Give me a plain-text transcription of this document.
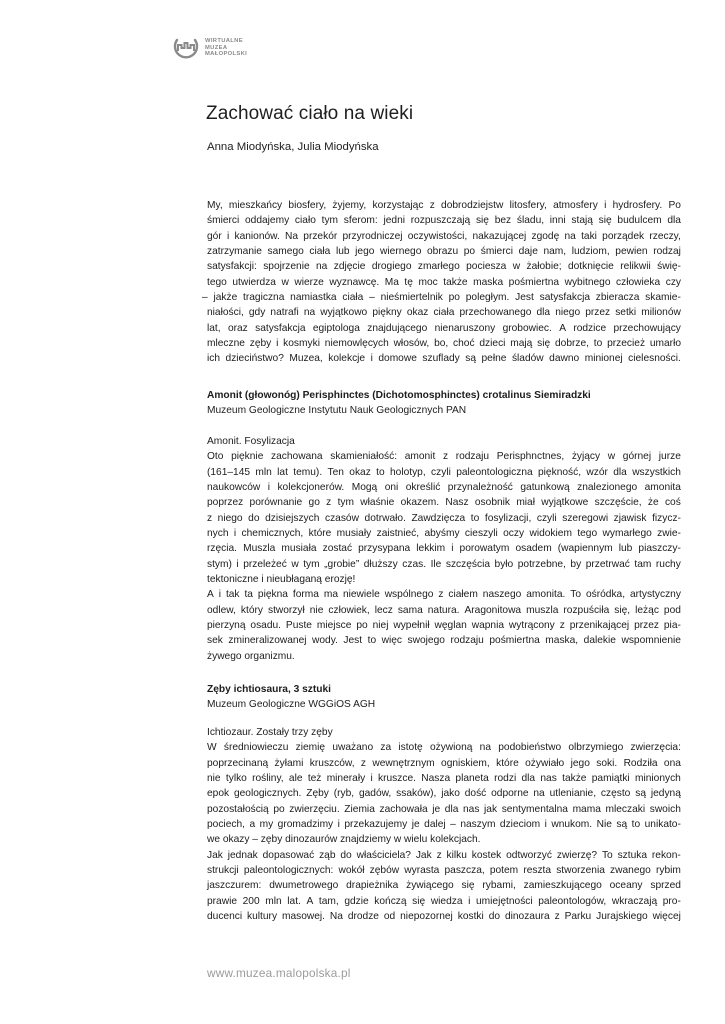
WIRTUALNE
MUZEA
MAŁOPOLSKI
Zachować ciało na wieki

Anna Miodyńska, Julia Miodyńska

My, mieszkańcy biosfery, żyjemy, korzystając z dobrodziejstw litosfery, atmosfery i hydrosfery. Po
śmierci oddajemy ciało tym sferom: jedni rozpuszczają się bez śladu, inni stają się budulcem dla
gór i kanionów. Na przekór przyrodniczej oczywistości, nakazującej zgodę na taki porządek rzeczy,
zatrzymanie samego ciała lub jego wiernego obrazu po śmierci daje nam, ludziom, pewien rodzaj
satysfakcji: spojrzenie na zdjęcie drogiego zmarłego pociesza w żałobie; dotknięcie relikwii świę-
tego utwierdza w wierze wyznawcę. Ma tę moc także maska pośmiertna wybitnego człowieka czy
– jakże tragiczna namiastka ciała – nieśmiertelnik po poległym. Jest satysfakcja zbieracza skamie-
niałości, gdy natrafi na wyjątkowo piękny okaz ciała przechowanego dla niego przez setki milionów
lat, oraz satysfakcja egiptologa znajdującego nienaruszony grobowiec. A rodzice przechowujący
mleczne zęby i kosmyki niemowlęcych włosów, bo, choć dzieci mają się dobrze, to przecież umarło
ich dzieciństwo? Muzea, kolekcje i domowe szuflady są pełne śladów dawno minionej cielesności.
Amonit (głowonóg) Perisphinctes (Dichotomosphinctes) crotalinus Siemiradzki
Muzeum Geologiczne Instytutu Nauk Geologicznych PAN
Amonit. Fosylizacja
Oto pięknie zachowana skamieniałość: amonit z rodzaju Perisphnctnes, żyjący w górnej jurze
(161–145 mln lat temu). Ten okaz to holotyp, czyli paleontologiczna piękność, wzór dla wszystkich
naukowców i kolekcjonerów. Mogą oni określić przynależność gatunkową znalezionego amonita
poprzez porównanie go z tym właśnie okazem. Nasz osobnik miał wyjątkowe szczęście, że coś
z niego do dzisiejszych czasów dotrwało. Zawdzięcza to fosylizacji, czyli szeregowi zjawisk fizycz-
nych i chemicznych, które musiały zaistnieć, abyśmy cieszyli oczy widokiem tego wymarłego zwie-
rzęcia. Muszla musiała zostać przysypana lekkim i porowatym osadem (wapiennym lub piaszczy-
stym) i przeleżeć w tym „grobie” dłuższy czas. Ile szczęścia było potrzebne, by przetrwać tam ruchy
tektoniczne i nieubłaganą erozję!
A i tak ta piękna forma ma niewiele wspólnego z ciałem naszego amonita. To ośródka, artystyczny
odlew, który stworzył nie człowiek, lecz sama natura. Aragonitowa muszla rozpuściła się, leżąc pod
pierzyną osadu. Puste miejsce po niej wypełnił węglan wapnia wytrącony z przenikającej przez pia-
sek zmineralizowanej wody. Jest to więc swojego rodzaju pośmiertna maska, dalekie wspomnienie
żywego organizmu.
Zęby ichtiosaura, 3 sztuki
Muzeum Geologiczne WGGiOS AGH
Ichtiozaur. Zostały trzy zęby
W średniowieczu ziemię uważano za istotę ożywioną na podobieństwo olbrzymiego zwierzęcia:
poprzecinaną żyłami kruszców, z wewnętrznym ogniskiem, które ożywiało jego soki. Rodziła ona
nie tylko rośliny, ale też minerały i kruszce. Nasza planeta rodzi dla nas także pamiątki minionych
epok geologicznych. Zęby (ryb, gadów, ssaków), jako dość odporne na utlenianie, często są jedyną
pozostałością po zwierzęciu. Ziemia zachowała je dla nas jak sentymentalna mama mleczaki swoich
pociech, a my gromadzimy i przekazujemy je dalej – naszym dzieciom i wnukom. Nie są to unikato-
we okazy – zęby dinozaurów znajdziemy w wielu kolekcjach.
Jak jednak dopasować ząb do właściciela? Jak z kilku kostek odtworzyć zwierzę? To sztuka rekon-
strukcji paleontologicznych: wokół zębów wyrasta paszcza, potem reszta stworzenia zwanego rybim
jaszczurem: dwumetrowego drapieżnika żywiącego się rybami, zamieszkującego oceany sprzed
prawie 200 mln lat. A tam, gdzie kończą się wiedza i umiejętności paleontologów, wkraczają pro-
ducenci kultury masowej. Na drodze od niepozornej kostki do dinozaura z Parku Jurajskiego więcej
www.muzea.malopolska.pl
